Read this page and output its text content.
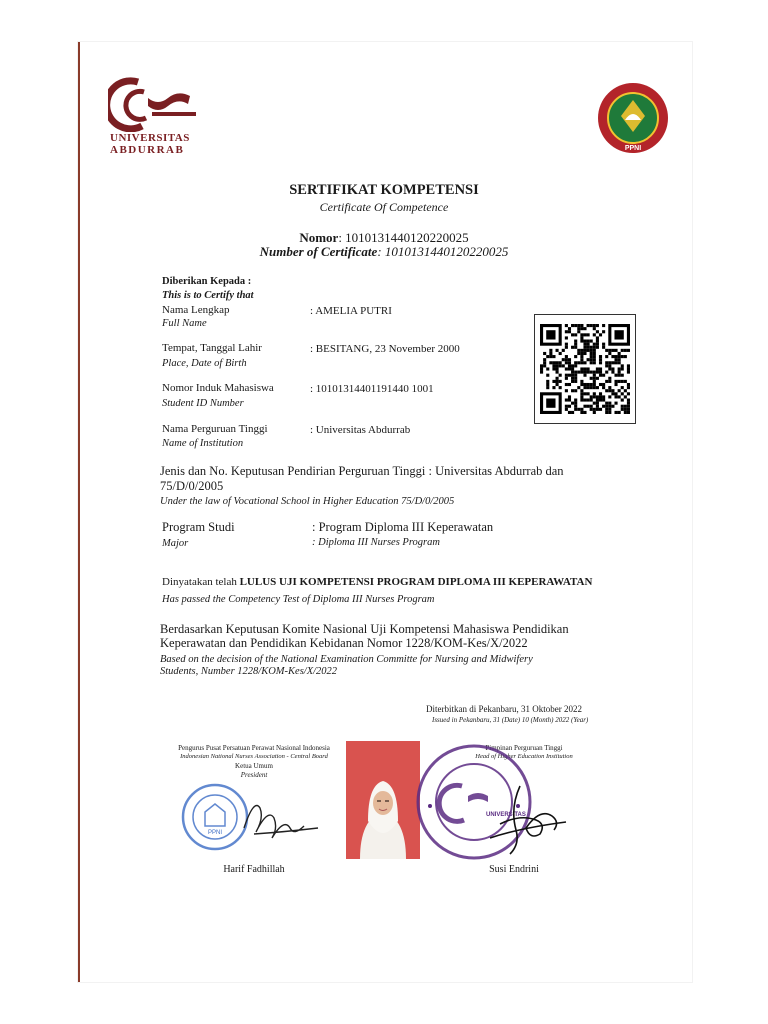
UNIVERSITAS
ABDURRAB	PPNI
SERTIFIKAT KOMPETENSI
Certificate Of Competence
Nomor: 1010131440120220025
Number of Certificate: 1010131440120220025
Diberikan Kepada :
This is to Certify that
Nama Lengkap
Full Name
: AMELIA PUTRI
Tempat, Tanggal Lahir
Place, Date of Birth
: BESITANG, 23 November 2000
Nomor Induk Mahasiswa
Student ID Number
: 10101314401191440 1001
Nama Perguruan Tinggi
Name of Institution
: Universitas Abdurrab
Jenis dan No. Keputusan Pendirian Perguruan Tinggi : Universitas Abdurrab dan
75/D/0/2005
Under the law of Vocational School in Higher Education 75/D/0/2005
Program Studi
Major
: Program Diploma III Keperawatan
: Diploma III Nurses Program
Dinyatakan telah LULUS UJI KOMPETENSI PROGRAM DIPLOMA III KEPERAWATAN
Has passed the Competency Test of Diploma III Nurses Program
Berdasarkan Keputusan Komite Nasional Uji Kompetensi Mahasiswa Pendidikan
Keperawatan dan Pendidikan Kebidanan Nomor 1228/KOM-Kes/X/2022
Based on the decision of the National Examination Committe for Nursing and Midwifery
Students, Number 1228/KOM-Kes/X/2022
Diterbitkan di Pekanbaru, 31 Oktober 2022
Issued in Pekanbaru, 31 (Date) 10 (Month) 2022 (Year)
Pengurus Pusat Persatuan Perawat Nasional Indonesia
Indonesian National Nurses Association - Central Board
Ketua Umum
President
PPNI
Harif Fadhillah
Pimpinan Perguruan Tinggi
Head of Higher Education Institution
UNIVERSITAS
Susi Endrini
